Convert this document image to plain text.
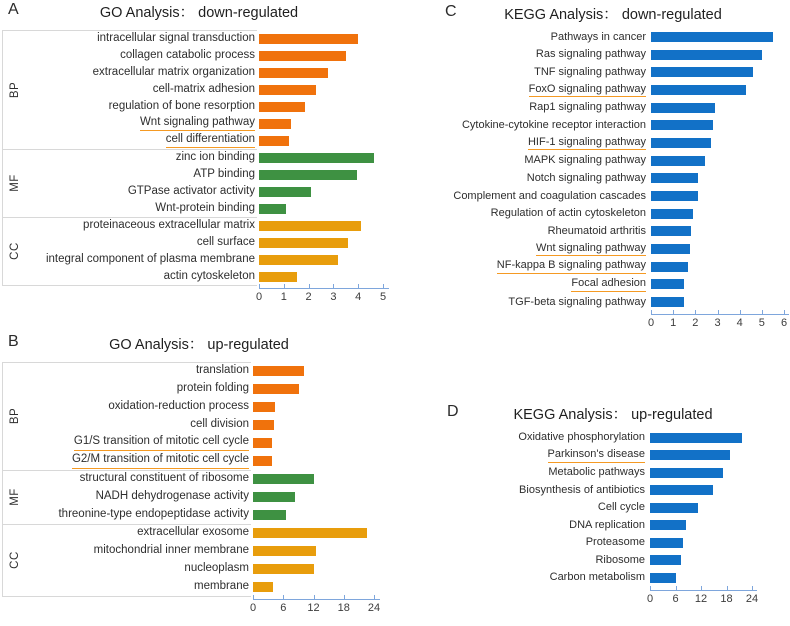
A	GO Analysis： down-regulated
BP
intracellular signal transduction
collagen catabolic process
extracellular matrix organization
cell-matrix adhesion
regulation of bone resorption
Wnt signaling pathway
cell differentiation
MF
zinc ion binding
ATP binding
GTPase activator activity
Wnt-protein binding
CC
proteinaceous extracellular matrix
cell surface
integral component of plasma membrane
actin cytoskeleton
0	1	2	3	4	5
B	GO Analysis： up-regulated
BP
translation
protein folding
oxidation-reduction process
cell division
G1/S transition of mitotic cell cycle
G2/M transition of mitotic cell cycle
MF
structural constituent of ribosome
NADH dehydrogenase activity
threonine-type endopeptidase activity
CC
extracellular exosome
mitochondrial inner membrane
nucleoplasm
membrane
0	6	12	18	24
C	KEGG Analysis： down-regulated
Pathways in cancer
Ras signaling pathway
TNF signaling pathway
FoxO signaling pathway
Rap1 signaling pathway
Cytokine-cytokine receptor interaction
HIF-1 signaling pathway
MAPK signaling pathway
Notch signaling pathway
Complement and coagulation cascades
Regulation of actin cytoskeleton
Rheumatoid arthritis
Wnt signaling pathway
NF-kappa B signaling pathway
Focal adhesion
TGF-beta signaling pathway
0	1	2	3	4	5	6
D	KEGG Analysis： up-regulated
Oxidative phosphorylation
Parkinson's disease
Metabolic pathways
Biosynthesis of antibiotics
Cell cycle
DNA replication
Proteasome
Ribosome
Carbon metabolism
0	6	12	18	24
